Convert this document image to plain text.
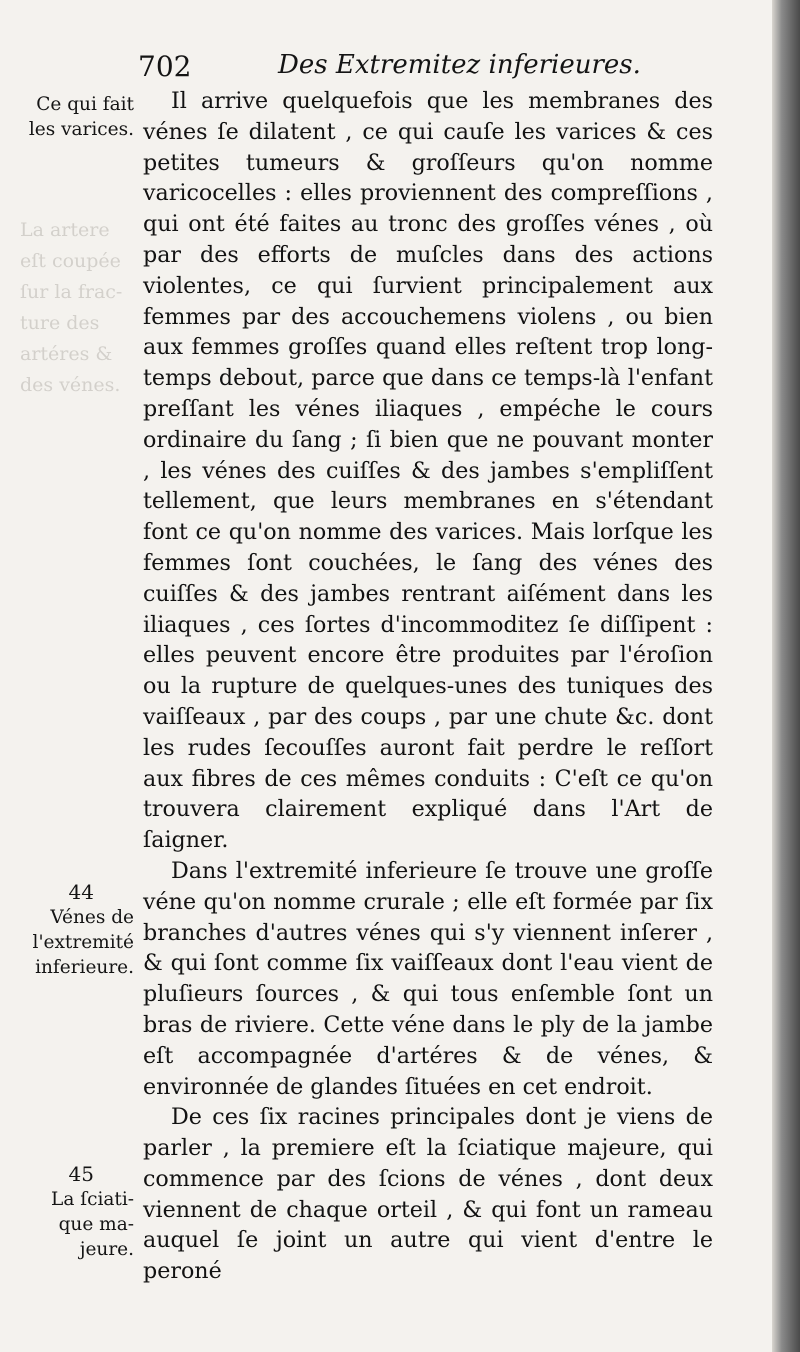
La artere
eſt coupée
ſur la frac-
ture des
artéres &
des vénes.
702	Des Extremitez inferieures.
Ce qui fait
les varices.
44
Vénes de
l'extremité
inferieure.
45
La ſciati-
que ma-
jeure.

Il arrive quelquefois que les membranes des vénes ſe dilatent , ce qui cauſe les varices & ces petites tumeurs & groſſeurs qu'on nomme varicocelles : elles proviennent des compreſſions , qui ont été faites au tronc des groſſes vénes , où par des efforts de muſcles dans des actions violentes, ce qui ſurvient principalement aux femmes par des accouchemens violens , ou bien aux femmes groſſes quand elles reſtent trop long-temps debout, parce que dans ce temps-là l'enfant preſſant les vénes iliaques , empéche le cours ordinaire du ſang ; ſi bien que ne pouvant monter , les vénes des cuiſſes & des jambes s'empliſſent tellement, que leurs membranes en s'étendant font ce qu'on nomme des varices. Mais lorſque les femmes ſont couchées, le ſang des vénes des cuiſſes & des jambes rentrant aiſément dans les iliaques , ces ſortes d'incommoditez ſe diſſipent : elles peuvent encore être produites par l'éroſion ou la rupture de quelques-unes des tuniques des vaiſſeaux , par des coups , par une chute &c. dont les rudes ſecouſſes auront fait perdre le reſſort aux fibres de ces mêmes conduits : C'eſt ce qu'on trouvera clairement expliqué dans l'Art de ſaigner.

Dans l'extremité inferieure ſe trouve une groſſe véne qu'on nomme crurale ; elle eſt formée par ſix branches d'autres vénes qui s'y viennent inſerer , & qui ſont comme ſix vaiſſeaux dont l'eau vient de pluſieurs ſources , & qui tous enſemble ſont un bras de riviere. Cette véne dans le ply de la jambe eſt accompagnée d'artéres & de vénes, & environnée de glandes ſituées en cet endroit.

De ces ſix racines principales dont je viens de parler , la premiere eſt la ſciatique majeure, qui commence par des ſcions de vénes , dont deux viennent de chaque orteil , & qui font un rameau auquel ſe joint un autre qui vient d'entre le peroné
